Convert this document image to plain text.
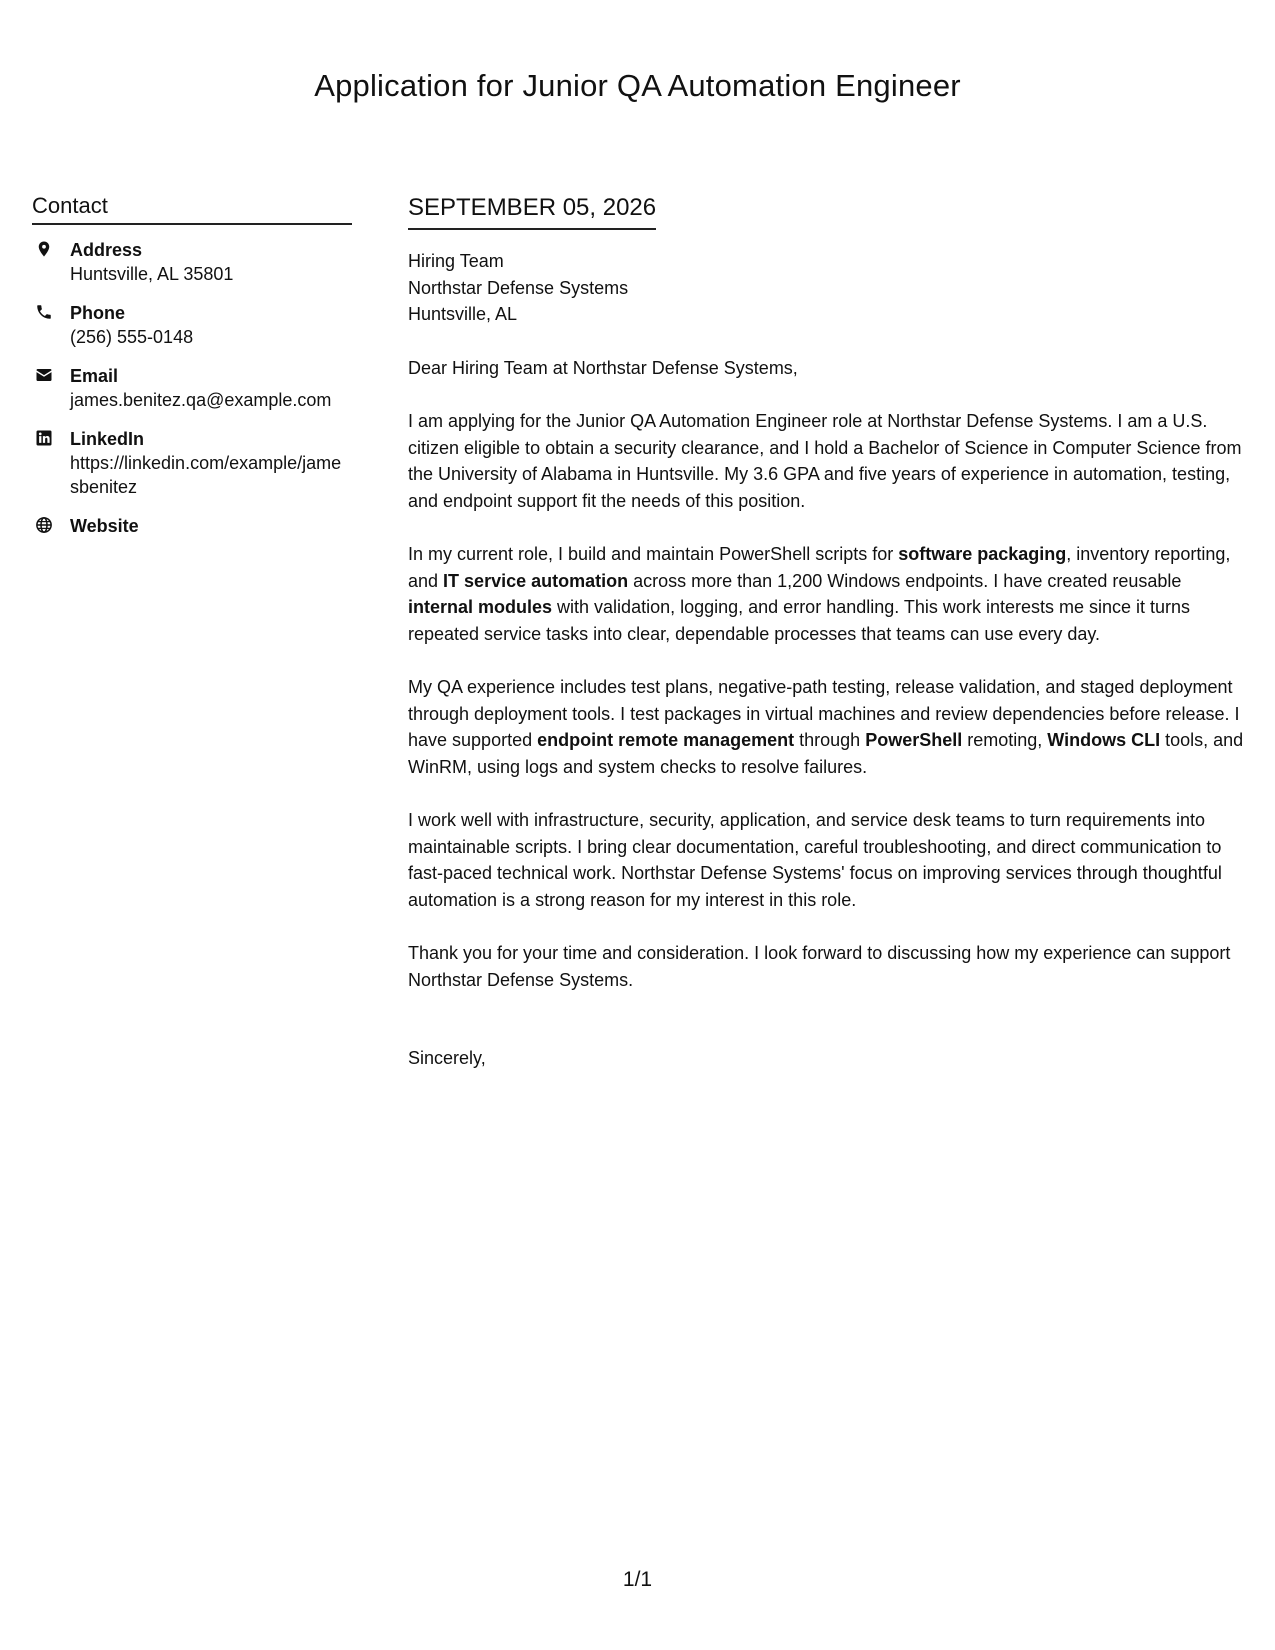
Application for Junior QA Automation Engineer
Contact
Address
Huntsville, AL 35801
Phone
(256) 555-0148
Email
james.benitez.qa@example.com
LinkedIn
https://linkedin.com/example/jamesbenitez
Website
SEPTEMBER 05, 2026
Hiring Team
Northstar Defense Systems
Huntsville, AL
Dear Hiring Team at Northstar Defense Systems,

I am applying for the Junior QA Automation Engineer role at Northstar Defense Systems. I am a U.S. citizen eligible to obtain a security clearance, and I hold a Bachelor of Science in Computer Science from the University of Alabama in Huntsville. My 3.6 GPA and five years of experience in automation, testing, and endpoint support fit the needs of this position.

In my current role, I build and maintain PowerShell scripts for software packaging, inventory reporting, and IT service automation across more than 1,200 Windows endpoints. I have created reusable internal modules with validation, logging, and error handling. This work interests me since it turns repeated service tasks into clear, dependable processes that teams can use every day.

My QA experience includes test plans, negative-path testing, release validation, and staged deployment through deployment tools. I test packages in virtual machines and review dependencies before release. I have supported endpoint remote management through PowerShell remoting, Windows CLI tools, and WinRM, using logs and system checks to resolve failures.

I work well with infrastructure, security, application, and service desk teams to turn requirements into maintainable scripts. I bring clear documentation, careful troubleshooting, and direct communication to fast-paced technical work. Northstar Defense Systems' focus on improving services through thoughtful automation is a strong reason for my interest in this role.

Thank you for your time and consideration. I look forward to discussing how my experience can support Northstar Defense Systems.

Sincerely,
1/1
